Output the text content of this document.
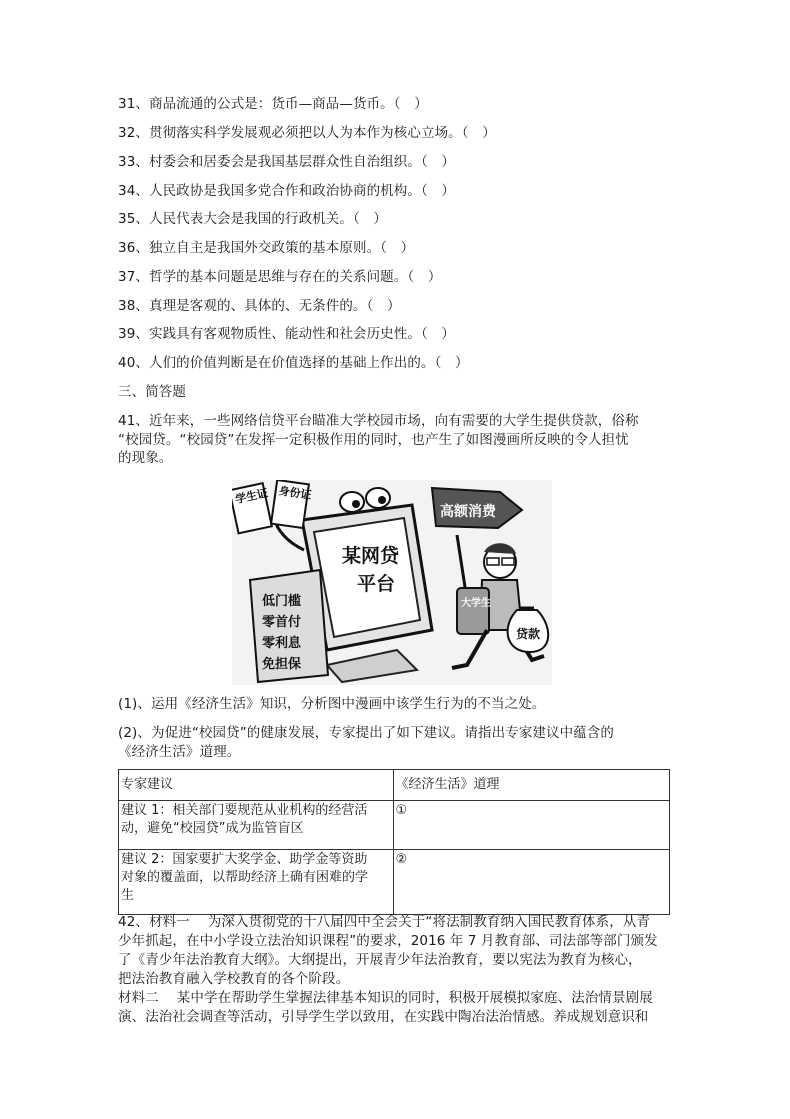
31、商品流通的公式是：货币—商品—货币。（　）
32、贯彻落实科学发展观必须把以人为本作为核心立场。（　）
33、村委会和居委会是我国基层群众性自治组织。（　）
34、人民政协是我国多党合作和政治协商的机构。（　）
35、人民代表大会是我国的行政机关。（　）
36、独立自主是我国外交政策的基本原则。（　）
37、哲学的基本问题是思维与存在的关系问题。（　）
38、真理是客观的、具体的、无条件的。（　）
39、实践具有客观物质性、能动性和社会历史性。（　）
40、人们的价值判断是在价值选择的基础上作出的。（　）
三、简答题
41、近年来，一些网络信贷平台瞄准大学校园市场，向有需要的大学生提供贷款，俗称
“校园贷。“校园贷”在发挥一定积极作用的同时，也产生了如图漫画所反映的令人担忧
的现象。
某网贷
平台
学生证 身份证
低门槛
零首付
零利息
免担保
高额消费
大学生
贷款
(1)、运用《经济生活》知识，分析图中漫画中该学生行为的不当之处。
(2)、为促进“校园贷”的健康发展，专家提出了如下建议。请指出专家建议中蕴含的
《经济生活》道理。
专家建议	《经济生活》道理

建议 1：相关部门要规范从业机构的经营活
动，避免“校园贷”成为监管盲区	①

建议 2：国家要扩大奖学金、助学金等资助
对象的覆盖面，以帮助经济上确有困难的学
生	②
42、材料一　 为深入贯彻党的十八届四中全会关于“将法制教育纳入国民教育体系，从青
少年抓起，在中小学设立法治知识课程”的要求，2016 年 7 月教育部、司法部等部门颁发
了《青少年法治教育大纲》。大纲提出，开展青少年法治教育，要以宪法为教育为核心，
把法治教育融入学校教育的各个阶段。
材料二　 某中学在帮助学生掌握法律基本知识的同时，积极开展模拟家庭、法治情景剧展
演、法治社会调查等活动，引导学生学以致用，在实践中陶冶法治情感。养成规划意识和
